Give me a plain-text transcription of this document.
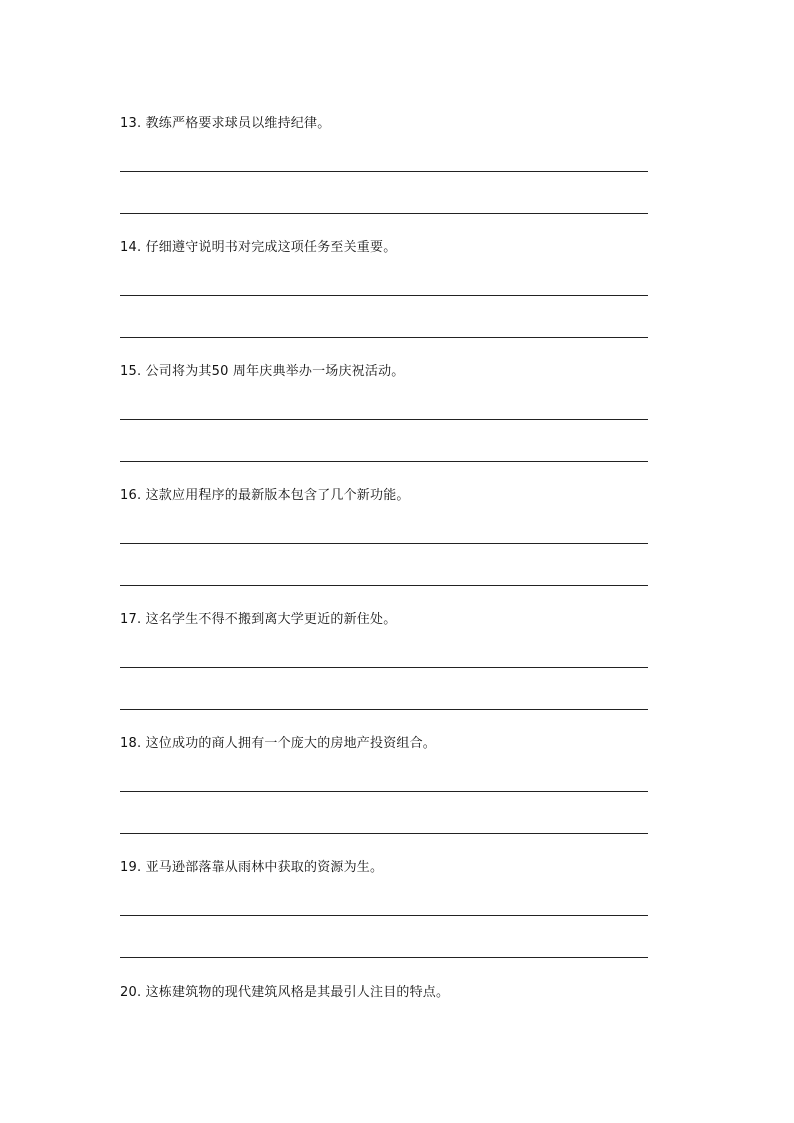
13. 教练严格要求球员以维持纪律。
14. 仔细遵守说明书对完成这项任务至关重要。
15. 公司将为其50 周年庆典举办一场庆祝活动。
16. 这款应用程序的最新版本包含了几个新功能。
17. 这名学生不得不搬到离大学更近的新住处。
18. 这位成功的商人拥有一个庞大的房地产投资组合。
19. 亚马逊部落靠从雨林中获取的资源为生。
20. 这栋建筑物的现代建筑风格是其最引人注目的特点。
